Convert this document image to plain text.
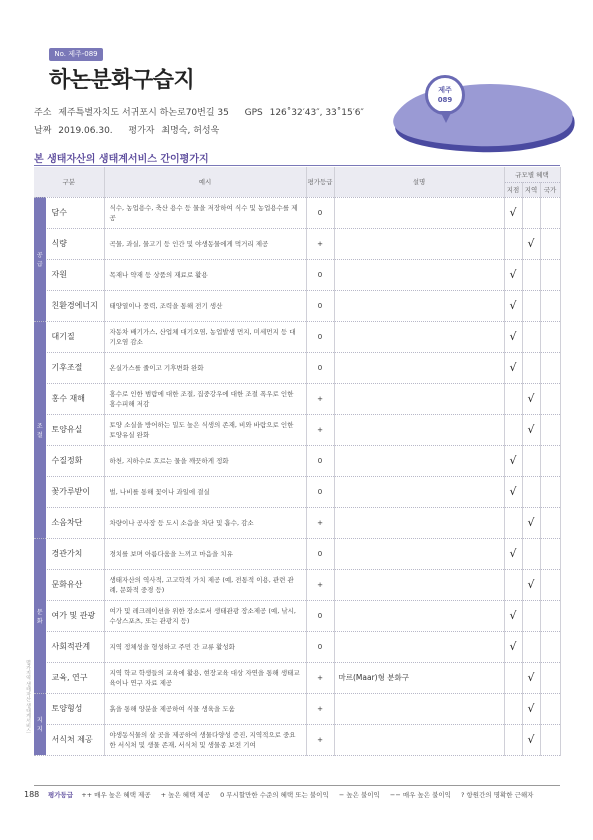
No. 제주-089
하논분화구습지
주소 제주특별자치도 서귀포시 하논로70번길 35 GPS 126˚32′43″, 33˚15′6″
날짜 2019.06.30. 평가자 최명숙, 허성욱
제주
089
본 생태자산의 생태계서비스 간이평가지
구분		예시	평가등급	설명	규모별 혜택		
					지점	지역	국가
공급	담수	식수, 농업용수, 축산 용수 등 물을 저장하여 식수 및 농업용수를 제공	0		√		
	식량	곡물, 과실, 물고기 등 인간 및 야생동물에게 먹거리 제공	+			√	
	자원	목재나 약재 등 상품의 재료로 활용	0		√		
	친환경에너지	태양열이나 풍력, 조력을 통해 전기 생산	0		√		
조절	대기질	자동차 배기가스, 산업체 대기오염, 농업발생 먼지, 미세먼지 등 대기오염 감소	0		√		
	기후조절	온실가스를 줄이고 기후변화 완화	0		√		
	홍수 재해	홍수로 인한 범람에 대한 조절, 집중강우에 대한 조절 폭우로 인한 홍수피해 저감	+			√	
	토양유실	토양 소실을 방어하는 밀도 높은 식생의 존재, 비와 바람으로 인한 토양유실 완화	+			√	
	수질정화	하천, 지하수로 흐르는 물을 깨끗하게 정화	0		√		
	꽃가루받이	벌, 나비를 통해 꽃이나 과일에 결실	0		√		
	소음차단	차량이나 공사장 등 도시 소음을 차단 및 흡수, 감소	+			√	
문화	경관가치	경치를 보며 아름다움을 느끼고 마음을 치유	0		√		
	문화유산	생태자산의 역사적, 고고학적 가치 제공 (예, 전통적 이용, 관련 관례, 문화적 중경 등)	+			√	
	여가 및 관광	여가 및 레크레이션을 위한 장소로서 생태관광 장소제공 (예, 낚시, 수상스포츠, 또는 관광지 등)	0		√		
	사회적관계	지역 정체성을 형성하고 주민 간 교류 활성화	0		√		
	교육, 연구	지역 학교 학생들의 교육에 활용, 현장교육 대상 자연을 통해 생태교육이나 연구 자료 제공	+	마르(Maar)형 분화구		√	
지지	토양형성	흙을 통해 양분을 제공하여 식물 생육을 도움	+			√	
	서식처 제공	야생동식물의 살 곳을 제공하여 생물다양성 증진, 지역적으로 중요한 서식처 및 생물 존재, 서식처 및 생물종 보전 기여	+			√	
멸가지역 생태자산 생태계서비스
188 평가등급 ++ 매우 높은 혜택 제공 + 높은 혜택 제공 0 무시할만한 수준의 혜택 또는 불이익 − 높은 불이익 −− 매우 높은 불이익 ? 항원간의 명확한 근해자
